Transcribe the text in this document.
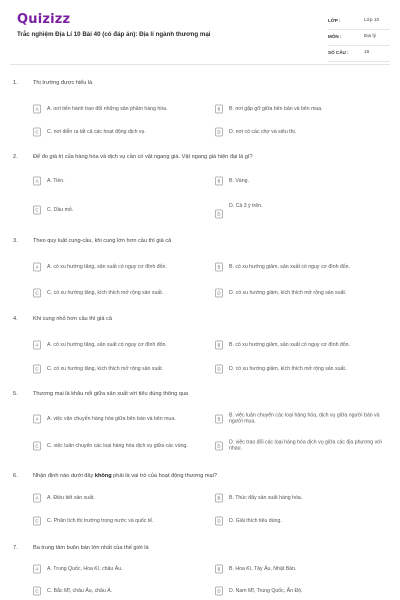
Quizizz
Trắc nghiệm Địa Lí 10 Bài 40 (có đáp án): Địa lí ngành thương mại
LỚP :	Lớp 10
MÔN :	Địa lý
SỐ CÂU :	15
1.	Thị trường được hiểu là
A	A. nơi tiến hành trao đổi những sản phẩm hàng hóa.	B	B. nơi gặp gỡ giữa bên bán và bên mua.
C	C. nơi diễn ra tất cả các hoạt động dịch vụ.	D	D. nơi có các chợ và siêu thị.
2.	Để đo giá trị của hàng hóa và dịch vụ cần có vật ngang giá. Vật ngang giá hiện đại là gì?
A	A. Tiền.	B	B. Vàng.
C	C. Dầu mỏ.
D
D. Cả 3 ý trên.
3.	Theo quy luật cung-cầu, khi cung lớn hơn cầu thì giá cả
A	A. có xu hướng tăng, sản xuất có nguy cơ đình đốn.	B	B. có xu hướng giảm, sản xuất có nguy cơ đình đốn.
C	C. có xu hướng tăng, kích thích mở rộng sản xuất.	D	D. có xu hướng giảm, kích thích mở rộng sản xuất.
4.	Khi cung nhỏ hơn cầu thì giá cả
A	A. có xu hướng tăng, sản xuất có nguy cơ đình đốn.	B	B. có xu hướng giảm, sản xuất có nguy cơ đình đốn.
C	C. có xu hướng tăng, kích thích mở rộng sản xuất.	D	D. có xu hướng giảm, kích thích mở rộng sản xuất.
5.	Thương mại là khâu nối giữa sản xuất với tiêu dùng thông qua
A	A. việc vận chuyển hàng hóa giữa bên bán và bên mua.	B
B. việc luân chuyển các loại hàng hóa, dịch vụ giữa người bán và người mua.
C	C. việc luân chuyển các loại hàng hóa dịch vụ giữa các vùng.	D
D. việc trao đổi các loại hàng hóa dịch vụ giữa các địa phương với nhau.
6.	Nhận định nào dưới đây không phải là vai trò của hoạt động thương mại?
A	A. Điều tiết sản xuất.	B	B. Thúc đẩy sản xuất hàng hóa.
C	C. Phân tích thị trường trong nước và quốc tế.	D	D. Giải thích tiêu dùng.
7.	Ba trung tâm buôn bán lớn nhất của thế giới là
A	A. Trung Quốc, Hoa Kì, châu Âu.	B	B. Hoa Kì, Tây Âu, Nhật Bản.
C	C. Bắc Mĩ, châu Âu, châu Á.	D	D. Nam Mĩ, Trung Quốc, Ấn Độ.
